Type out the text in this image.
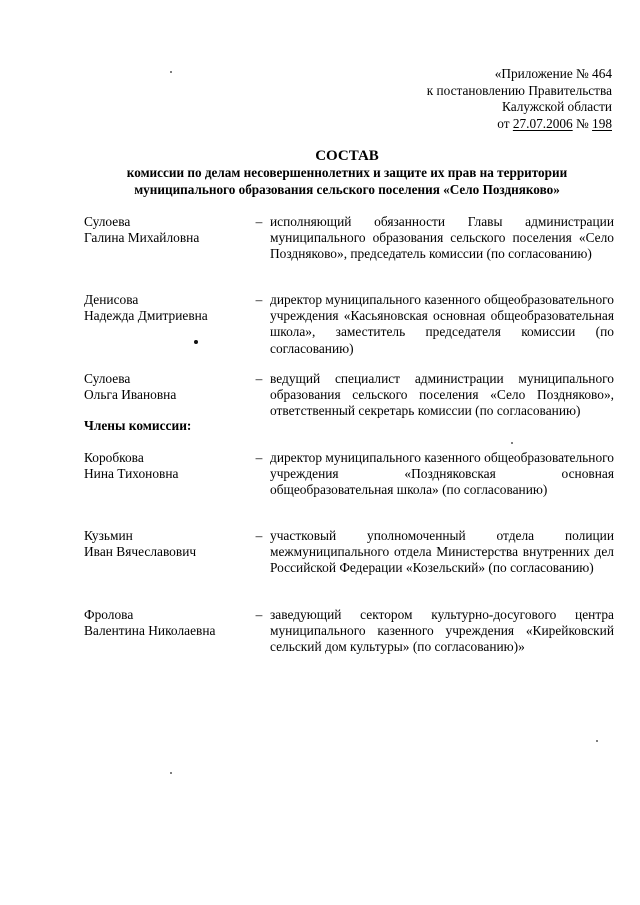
«Приложение № 464
к постановлению Правительства
Калужской области
от 27.07.2006 № 198
СОСТАВ
комиссии по делам несовершеннолетних и защите их прав на территории
муниципального образования сельского поселения «Село Поздняково»
Сулоева
Галина Михайловна
– исполняющий обязанности Главы администрации муниципального образования сельского поселения «Село Поздняково», председатель комиссии (по согласованию)
Денисова
Надежда Дмитриевна
– директор муниципального казенного общеобразовательного учреждения «Касьяновская основная общеобразовательная школа», заместитель председателя комиссии (по согласованию)
Сулоева
Ольга Ивановна
– ведущий специалист администрации муниципального образования сельского поселения «Село Поздняково», ответственный секретарь комиссии (по согласованию)
Члены комиссии:
Коробкова
Нина Тихоновна
– директор муниципального казенного общеобразовательного учреждения «Поздняковская основная общеобразовательная школа» (по согласованию)
Кузьмин
Иван Вячеславович
– участковый уполномоченный отдела полиции межмуниципального отдела Министерства внутренних дел Российской Федерации «Козельский» (по согласованию)
Фролова
Валентина Николаевна
– заведующий сектором культурно-досугового центра муниципального казенного учреждения «Кирейковский сельский дом культуры» (по согласованию)»
